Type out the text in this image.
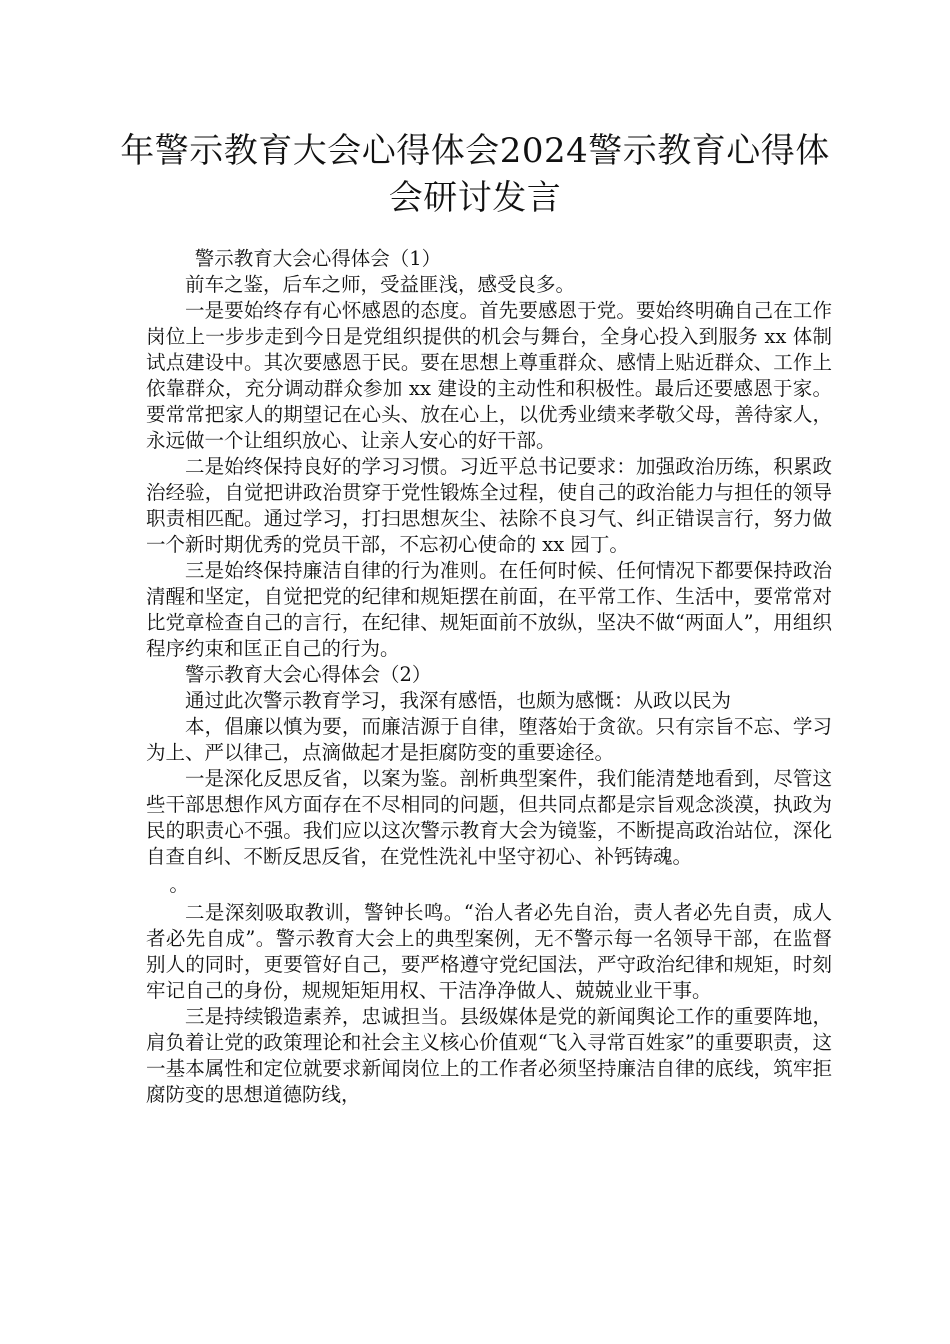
年警示教育大会心得体会2024警示教育心得体会研讨发言

警示教育大会心得体会（1）

前车之鉴，后车之师，受益匪浅，感受良多。

一是要始终存有心怀感恩的态度。首先要感恩于党。要始终明确自己在工作岗位上一步步走到今日是党组织提供的机会与舞台，全身心投入到服务 xx 体制试点建设中。其次要感恩于民。要在思想上尊重群众、感情上贴近群众、工作上依靠群众，充分调动群众参加 xx 建设的主动性和积极性。最后还要感恩于家。要常常把家人的期望记在心头、放在心上，以优秀业绩来孝敬父母，善待家人，永远做一个让组织放心、让亲人安心的好干部。

二是始终保持良好的学习习惯。习近平总书记要求：加强政治历练，积累政治经验，自觉把讲政治贯穿于党性锻炼全过程，使自己的政治能力与担任的领导职责相匹配。通过学习，打扫思想灰尘、祛除不良习气、纠正错误言行，努力做一个新时期优秀的党员干部，不忘初心使命的 xx 园丁。

三是始终保持廉洁自律的行为准则。在任何时候、任何情况下都要保持政治清醒和坚定，自觉把党的纪律和规矩摆在前面，在平常工作、生活中，要常常对比党章检查自己的言行，在纪律、规矩面前不放纵，坚决不做“两面人”，用组织程序约束和匡正自己的行为。

警示教育大会心得体会（2）

通过此次警示教育学习，我深有感悟，也颇为感慨：从政以民为

本，倡廉以慎为要，而廉洁源于自律，堕落始于贪欲。只有宗旨不忘、学习为上、严以律己，点滴做起才是拒腐防变的重要途径。

一是深化反思反省，以案为鉴。剖析典型案件，我们能清楚地看到，尽管这些干部思想作风方面存在不尽相同的问题，但共同点都是宗旨观念淡漠，执政为民的职责心不强。我们应以这次警示教育大会为镜鉴，不断提高政治站位，深化自查自纠、不断反思反省，在党性洗礼中坚守初心、补钙铸魂。

。

二是深刻吸取教训，警钟长鸣。“治人者必先自治，责人者必先自责，成人者必先自成”。警示教育大会上的典型案例，无不警示每一名领导干部，在监督别人的同时，更要管好自己，要严格遵守党纪国法，严守政治纪律和规矩，时刻牢记自己的身份，规规矩矩用权、干洁净净做人、兢兢业业干事。

三是持续锻造素养，忠诚担当。县级媒体是党的新闻舆论工作的重要阵地，肩负着让党的政策理论和社会主义核心价值观“飞入寻常百姓家”的重要职责，这一基本属性和定位就要求新闻岗位上的工作者必须坚持廉洁自律的底线，筑牢拒腐防变的思想道德防线，
